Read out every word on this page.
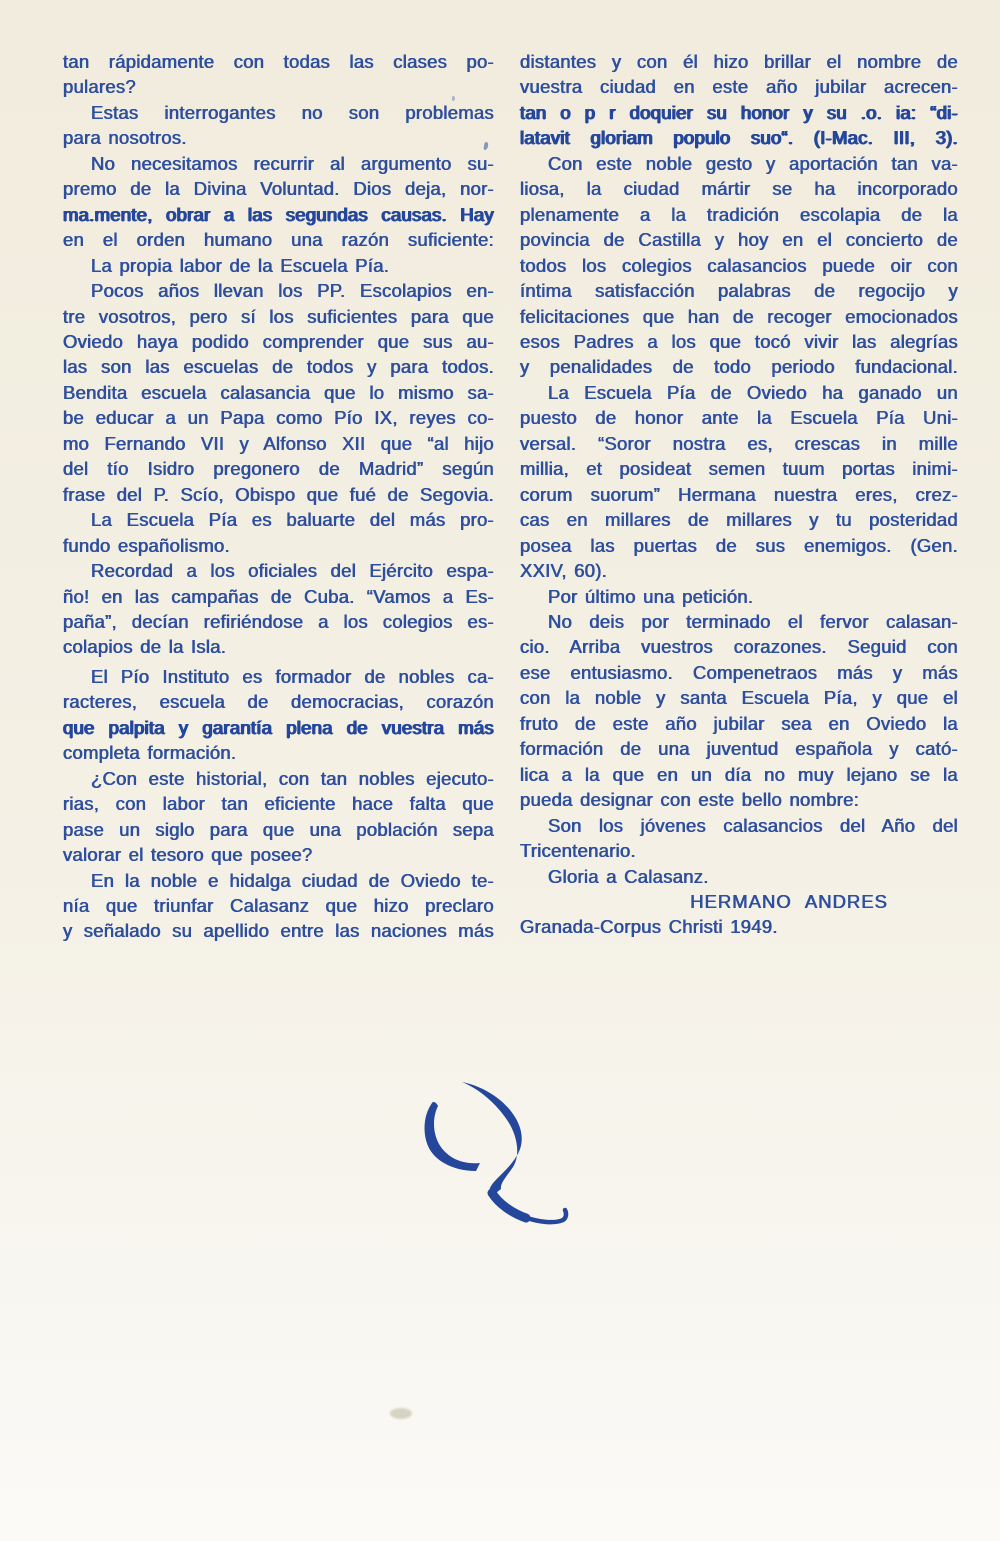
tan rápidamente con todas las clases po-
pulares?
Estas interrogantes no son problemas
para nosotros.
No necesitamos recurrir al argumento su-
premo de la Divina Voluntad. Dios deja, nor-
ma.mente, obrar a las segundas causas. Hay
en el orden humano una razón suficiente:
La propia labor de la Escuela Pía.
Pocos años llevan los PP. Escolapios en-
tre vosotros, pero sí los suficientes para que
Oviedo haya podido comprender que sus au-
las son las escuelas de todos y para todos.
Bendita escuela calasancia que lo mismo sa-
be educar a un Papa como Pío IX, reyes co-
mo Fernando VII y Alfonso XII que “al hijo
del tío Isidro pregonero de Madrid” según
frase del P. Scío, Obispo que fué de Segovia.
La Escuela Pía es baluarte del más pro-
fundo españolismo.
Recordad a los oficiales del Ejército espa-
ño! en las campañas de Cuba. “Vamos a Es-
paña”, decían refiriéndose a los colegios es-
colapios de la Isla.
El Pío Instituto es formador de nobles ca-
racteres, escuela de democracias, corazón
que palpita y garantía plena de vuestra más
completa formación.
¿Con este historial, con tan nobles ejecuto-
rias, con labor tan eficiente hace falta que
pase un siglo para que una población sepa
valorar el tesoro que posee?
En la noble e hidalga ciudad de Oviedo te-
nía que triunfar Calasanz que hizo preclaro
y señalado su apellido entre las naciones más
distantes y con él hizo brillar el nombre de
vuestra ciudad en este año jubilar acrecen-
tan o p r doquier su honor y su .o. ia: “di-
latavit gloriam populo suo“. (I-Mac. III, 3).
Con este noble gesto y aportación tan va-
liosa, la ciudad mártir se ha incorporado
plenamente a la tradición escolapia de la
povincia de Castilla y hoy en el concierto de
todos los colegios calasancios puede oir con
íntima satisfacción palabras de regocijo y
felicitaciones que han de recoger emocionados
esos Padres a los que tocó vivir las alegrías
y penalidades de todo periodo fundacional.
La Escuela Pía de Oviedo ha ganado un
puesto de honor ante la Escuela Pía Uni-
versal. “Soror nostra es, crescas in mille
millia, et posideat semen tuum portas inimi-
corum suorum” Hermana nuestra eres, crez-
cas en millares de millares y tu posteridad
posea las puertas de sus enemigos. (Gen.
XXIV, 60).
Por último una petición.
No deis por terminado el fervor calasan-
cio. Arriba vuestros corazones. Seguid con
ese entusiasmo. Compenetraos más y más
con la noble y santa Escuela Pía, y que el
fruto de este año jubilar sea en Oviedo la
formación de una juventud española y cató-
lica a la que en un día no muy lejano se la
pueda designar con este bello nombre:
Son los jóvenes calasancios del Año del
Tricentenario.
Gloria a Calasanz.
HERMANO ANDRES
Granada-Corpus Christi 1949.
